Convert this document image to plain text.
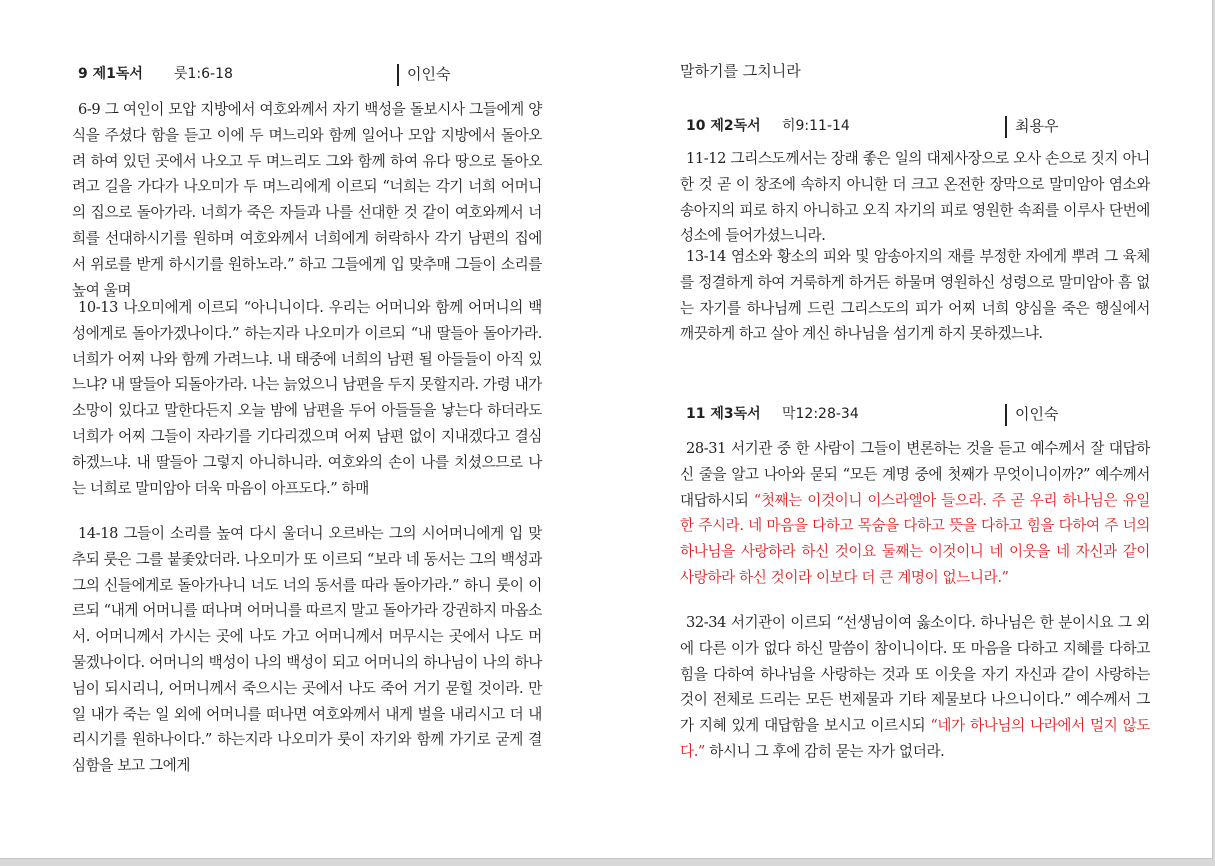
9 제1독서 룻1:6-18	이인숙

6-9 그 여인이 모압 지방에서 여호와께서 자기 백성을 돌보시사 그들에게 양식을 주셨다 함을 듣고 이에 두 며느리와 함께 일어나 모압 지방에서 돌아오려 하여 있던 곳에서 나오고 두 며느리도 그와 함께 하여 유다 땅으로 돌아오려고 길을 가다가 나오미가 두 며느리에게 이르되 “너희는 각기 너희 어머니의 집으로 돌아가라. 너희가 죽은 자들과 나를 선대한 것 같이 여호와께서 너희를 선대하시기를 원하며 여호와께서 너희에게 허락하사 각기 남편의 집에서 위로를 받게 하시기를 원하노라.” 하고 그들에게 입 맞추매 그들이 소리를 높여 울며

10-13 나오미에게 이르되 “아니니이다. 우리는 어머니와 함께 어머니의 백성에게로 돌아가겠나이다.” 하는지라 나오미가 이르되 “내 딸들아 돌아가라. 너희가 어찌 나와 함께 가려느냐. 내 태중에 너희의 남편 될 아들들이 아직 있느냐? 내 딸들아 되돌아가라. 나는 늙었으니 남편을 두지 못할지라. 가령 내가 소망이 있다고 말한다든지 오늘 밤에 남편을 두어 아들들을 낳는다 하더라도 너희가 어찌 그들이 자라기를 기다리겠으며 어찌 남편 없이 지내겠다고 결심하겠느냐. 내 딸들아 그렇지 아니하니라. 여호와의 손이 나를 치셨으므로 나는 너희로 말미암아 더욱 마음이 아프도다.” 하매

14-18 그들이 소리를 높여 다시 울더니 오르바는 그의 시어머니에게 입 맞추되 룻은 그를 붙좇았더라. 나오미가 또 이르되 “보라 네 동서는 그의 백성과 그의 신들에게로 돌아가나니 너도 너의 동서를 따라 돌아가라.” 하니 룻이 이르되 “내게 어머니를 떠나며 어머니를 따르지 말고 돌아가라 강권하지 마옵소서. 어머니께서 가시는 곳에 나도 가고 어머니께서 머무시는 곳에서 나도 머물겠나이다. 어머니의 백성이 나의 백성이 되고 어머니의 하나님이 나의 하나님이 되시리니, 어머니께서 죽으시는 곳에서 나도 죽어 거기 묻힐 것이라. 만일 내가 죽는 일 외에 어머니를 떠나면 여호와께서 내게 벌을 내리시고 더 내리시기를 원하나이다.” 하는지라 나오미가 룻이 자기와 함께 가기로 굳게 결심함을 보고 그에게

말하기를 그치니라
10 제2독서 히9:11-14	최용우

11-12 그리스도께서는 장래 좋은 일의 대제사장으로 오사 손으로 짓지 아니한 것 곧 이 창조에 속하지 아니한 더 크고 온전한 장막으로 말미암아 염소와 송아지의 피로 하지 아니하고 오직 자기의 피로 영원한 속죄를 이루사 단번에 성소에 들어가셨느니라.

13-14 염소와 황소의 피와 및 암송아지의 재를 부정한 자에게 뿌려 그 육체를 정결하게 하여 거룩하게 하거든 하물며 영원하신 성령으로 말미암아 흠 없는 자기를 하나님께 드린 그리스도의 피가 어찌 너희 양심을 죽은 행실에서 깨끗하게 하고 살아 계신 하나님을 섬기게 하지 못하겠느냐.

11 제3독서 막12:28-34	이인숙

28-31 서기관 중 한 사람이 그들이 변론하는 것을 듣고 예수께서 잘 대답하신 줄을 알고 나아와 묻되 “모든 계명 중에 첫째가 무엇이니이까?” 예수께서 대답하시되 “첫째는 이것이니 이스라엘아 들으라. 주 곧 우리 하나님은 유일한 주시라. 네 마음을 다하고 목숨을 다하고 뜻을 다하고 힘을 다하여 주 너의 하나님을 사랑하라 하신 것이요 둘째는 이것이니 네 이웃을 네 자신과 같이 사랑하라 하신 것이라 이보다 더 큰 계명이 없느니라.”

32-34 서기관이 이르되 “선생님이여 옳소이다. 하나님은 한 분이시요 그 외에 다른 이가 없다 하신 말씀이 참이니이다. 또 마음을 다하고 지혜를 다하고 힘을 다하여 하나님을 사랑하는 것과 또 이웃을 자기 자신과 같이 사랑하는 것이 전체로 드리는 모든 번제물과 기타 제물보다 나으니이다.” 예수께서 그가 지혜 있게 대답함을 보시고 이르시되 “네가 하나님의 나라에서 멀지 않도다.” 하시니 그 후에 감히 묻는 자가 없더라.
